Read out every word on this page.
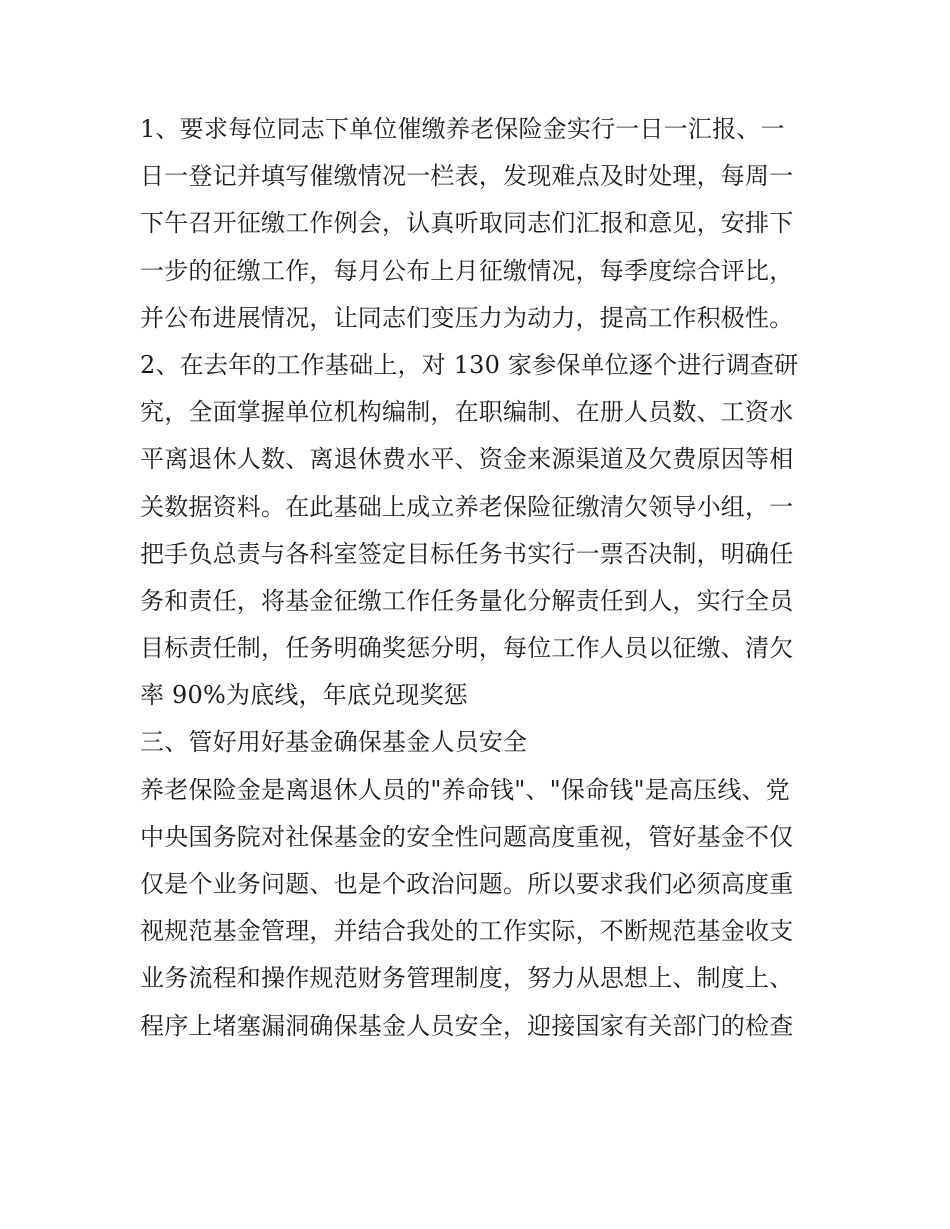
1、要求每位同志下单位催缴养老保险金实行一日一汇报、一
日一登记并填写催缴情况一栏表，发现难点及时处理，每周一
下午召开征缴工作例会，认真听取同志们汇报和意见，安排下
一步的征缴工作，每月公布上月征缴情况，每季度综合评比，
并公布进展情况，让同志们变压力为动力，提高工作积极性。
2、在去年的工作基础上，对 130 家参保单位逐个进行调查研
究，全面掌握单位机构编制，在职编制、在册人员数、工资水
平离退休人数、离退休费水平、资金来源渠道及欠费原因等相
关数据资料。在此基础上成立养老保险征缴清欠领导小组，一
把手负总责与各科室签定目标任务书实行一票否决制，明确任
务和责任，将基金征缴工作任务量化分解责任到人，实行全员
目标责任制，任务明确奖惩分明，每位工作人员以征缴、清欠
率 90%为底线，年底兑现奖惩
三、管好用好基金确保基金人员安全
养老保险金是离退休人员的"养命钱"、"保命钱"是高压线、党
中央国务院对社保基金的安全性问题高度重视，管好基金不仅
仅是个业务问题、也是个政治问题。所以要求我们必须高度重
视规范基金管理，并结合我处的工作实际，不断规范基金收支
业务流程和操作规范财务管理制度，努力从思想上、制度上、
程序上堵塞漏洞确保基金人员安全，迎接国家有关部门的检查
